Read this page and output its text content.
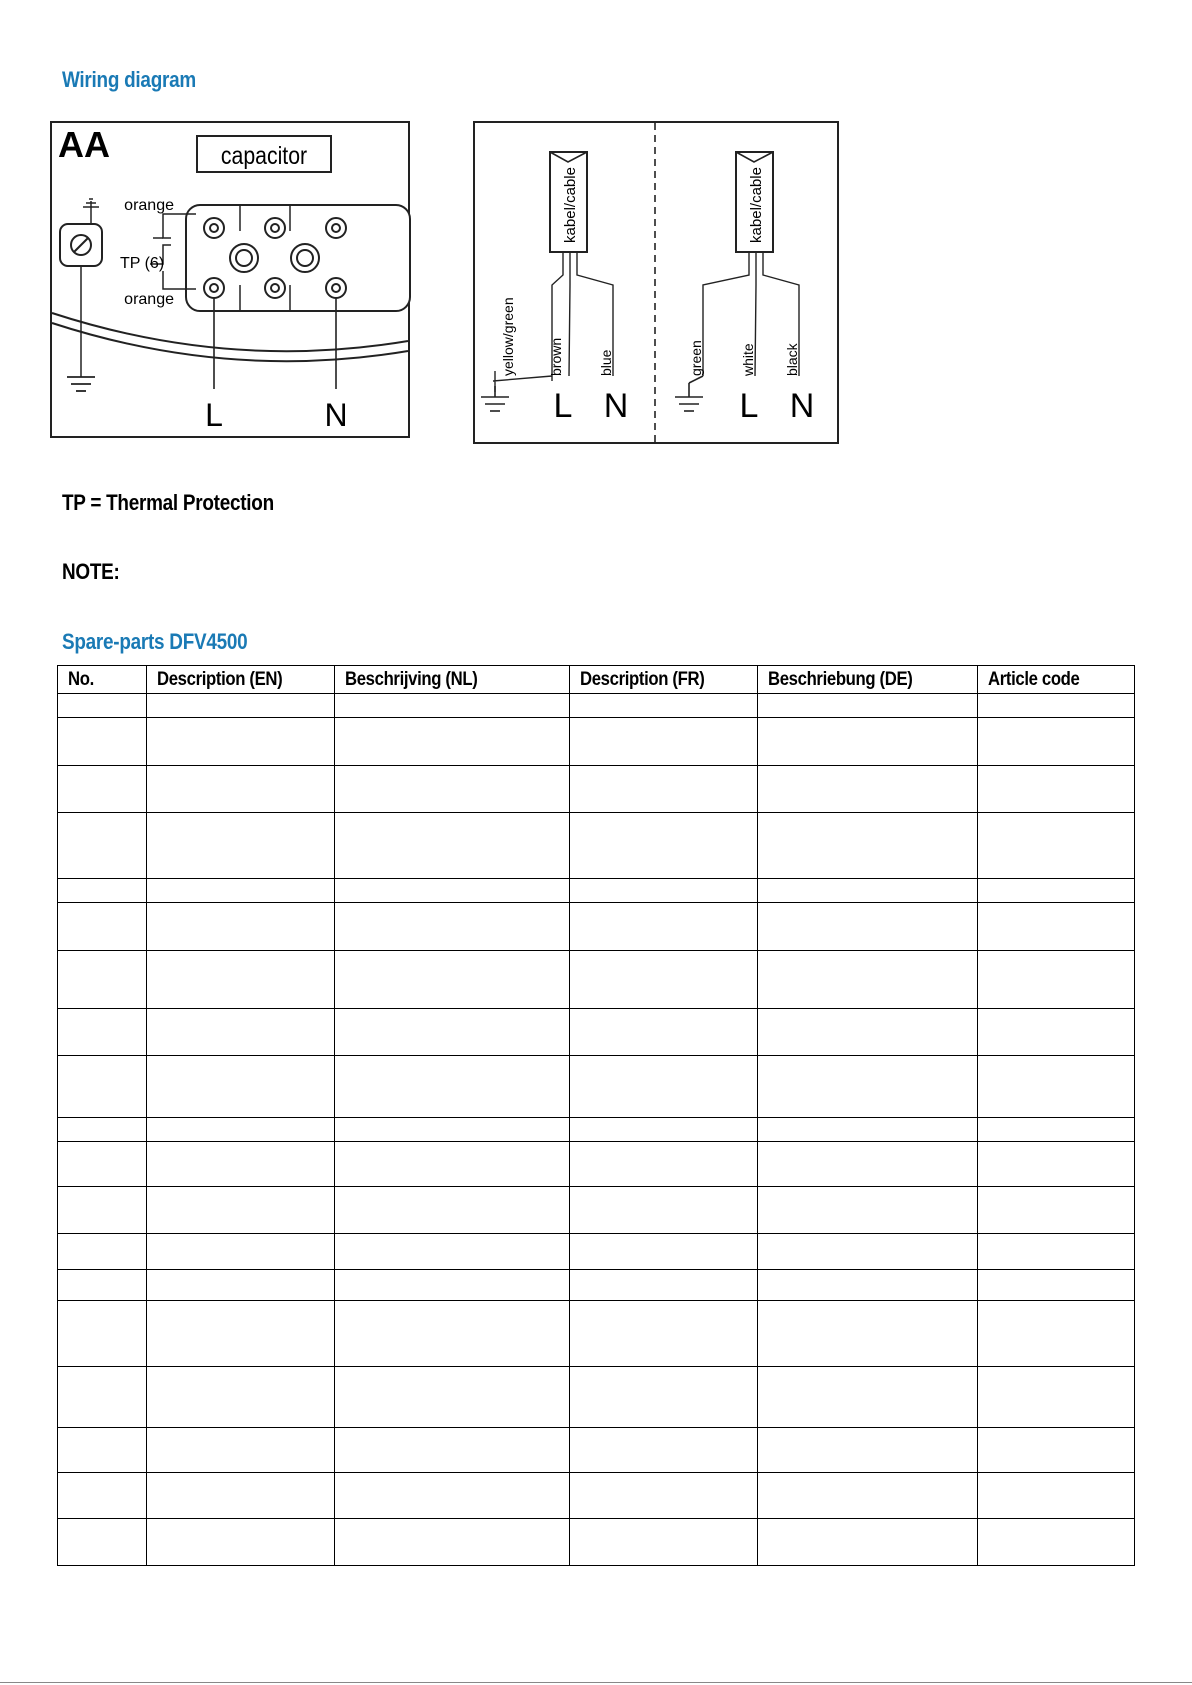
Wiring diagram
AA	capacitor
orange
TP (6)
orange
L	N
kabel/cable
yellow/green brown blue
L N
kabel/cable
green	white black
L N

TP = Thermal Protection

NOTE:

Spare-parts DFV4500
No.	Description (EN)	Beschrijving (NL)	Description (FR)	Beschriebung (DE)	Article code
